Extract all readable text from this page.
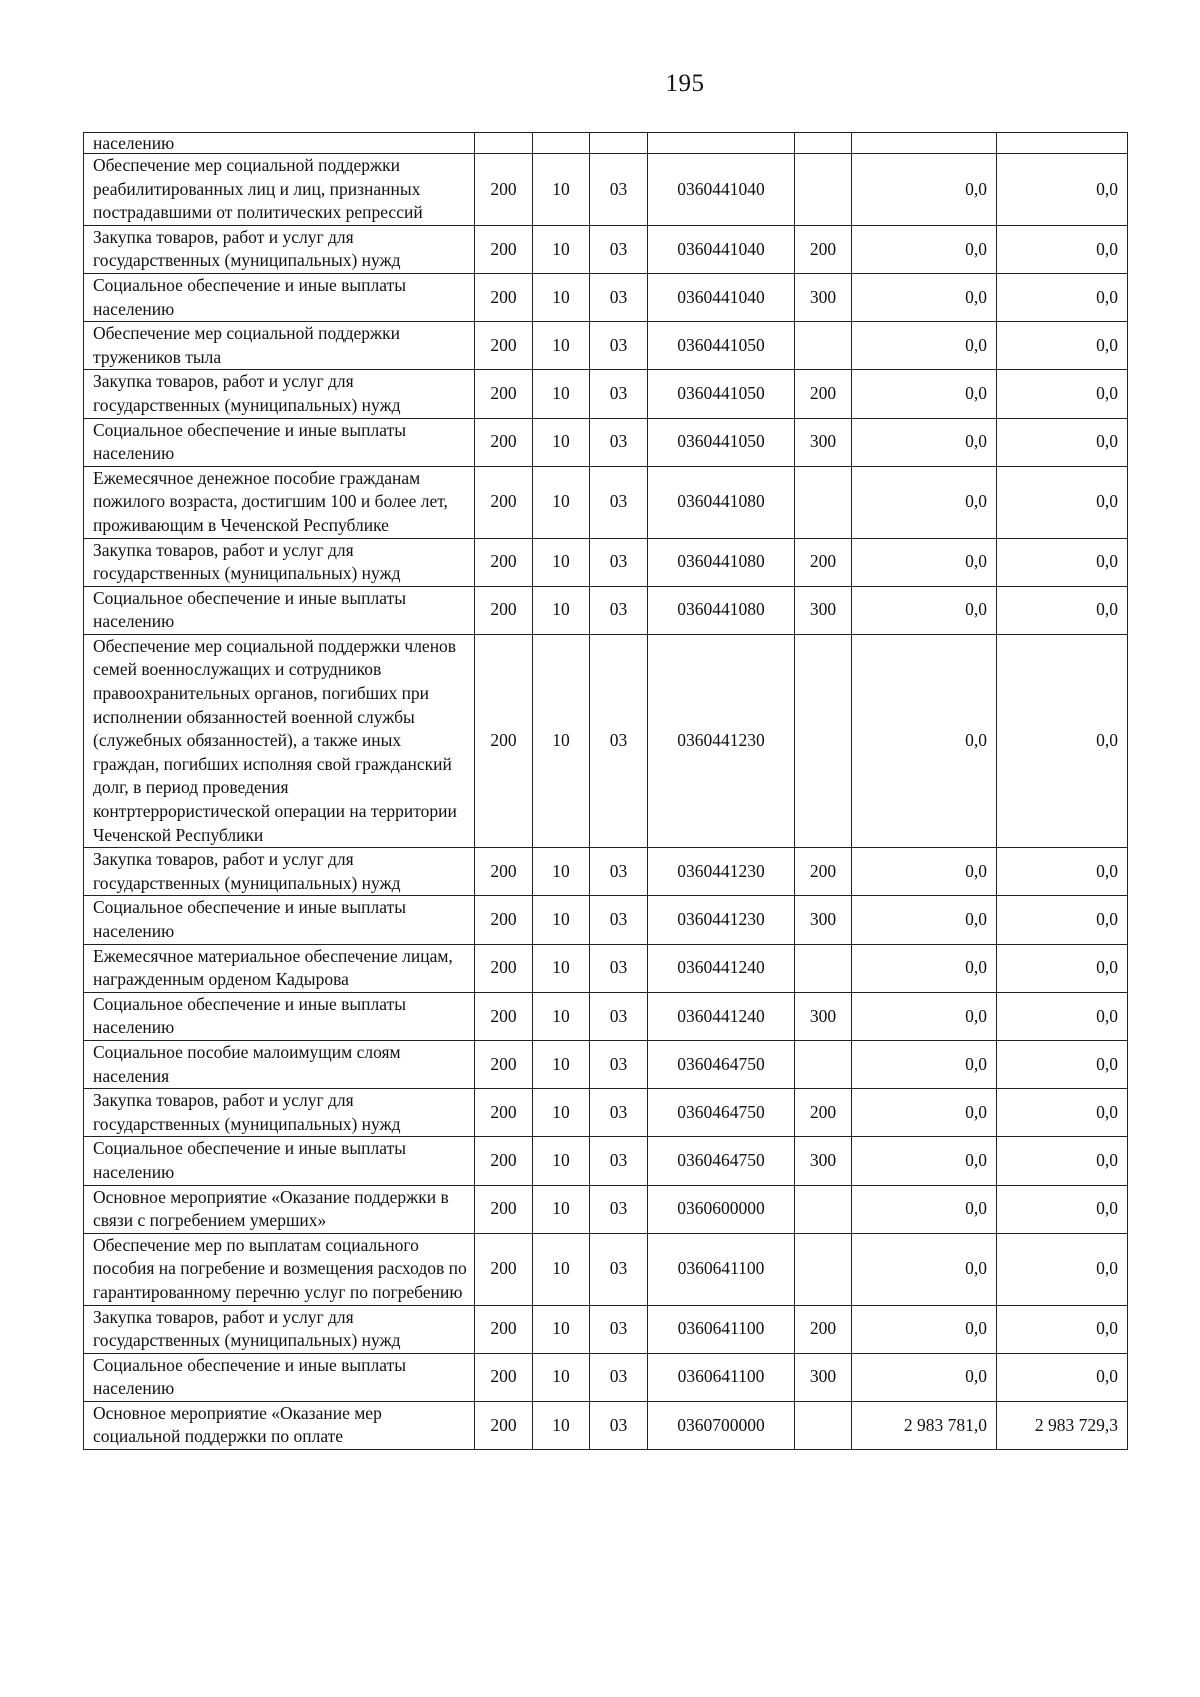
195
населению							
Обеспечение мер социальной поддержки реабилитированных лиц и лиц, признанных пострадавшими от политических репрессий	200	10	03	0360441040		0,0	0,0
Закупка товаров, работ и услуг для государственных (муниципальных) нужд	200	10	03	0360441040	200	0,0	0,0
Социальное обеспечение и иные выплаты населению	200	10	03	0360441040	300	0,0	0,0
Обеспечение мер социальной поддержки тружеников тыла	200	10	03	0360441050		0,0	0,0
Закупка товаров, работ и услуг для государственных (муниципальных) нужд	200	10	03	0360441050	200	0,0	0,0
Социальное обеспечение и иные выплаты населению	200	10	03	0360441050	300	0,0	0,0
Ежемесячное денежное пособие гражданам пожилого возраста, достигшим 100 и более лет, проживающим в Чеченской Республике	200	10	03	0360441080		0,0	0,0
Закупка товаров, работ и услуг для государственных (муниципальных) нужд	200	10	03	0360441080	200	0,0	0,0
Социальное обеспечение и иные выплаты населению	200	10	03	0360441080	300	0,0	0,0
Обеспечение мер социальной поддержки членов семей военнослужащих и сотрудников правоохранительных органов, погибших при исполнении обязанностей военной службы (служебных обязанностей), а также иных граждан, погибших исполняя свой гражданский долг, в период проведения контртеррористической операции на территории Чеченской Республики	200	10	03	0360441230		0,0	0,0
Закупка товаров, работ и услуг для государственных (муниципальных) нужд	200	10	03	0360441230	200	0,0	0,0
Социальное обеспечение и иные выплаты населению	200	10	03	0360441230	300	0,0	0,0
Ежемесячное материальное обеспечение лицам, награжденным орденом Кадырова	200	10	03	0360441240		0,0	0,0
Социальное обеспечение и иные выплаты населению	200	10	03	0360441240	300	0,0	0,0
Социальное пособие малоимущим слоям населения	200	10	03	0360464750		0,0	0,0
Закупка товаров, работ и услуг для государственных (муниципальных) нужд	200	10	03	0360464750	200	0,0	0,0
Социальное обеспечение и иные выплаты населению	200	10	03	0360464750	300	0,0	0,0
Основное мероприятие «Оказание поддержки в связи с погребением умерших»	200	10	03	0360600000		0,0	0,0
Обеспечение мер по выплатам социального пособия на погребение и возмещения расходов по гарантированному перечню услуг по погребению	200	10	03	0360641100		0,0	0,0
Закупка товаров, работ и услуг для государственных (муниципальных) нужд	200	10	03	0360641100	200	0,0	0,0
Социальное обеспечение и иные выплаты населению	200	10	03	0360641100	300	0,0	0,0
Основное мероприятие «Оказание мер социальной поддержки по оплате	200	10	03	0360700000		2 983 781,0	2 983 729,3
